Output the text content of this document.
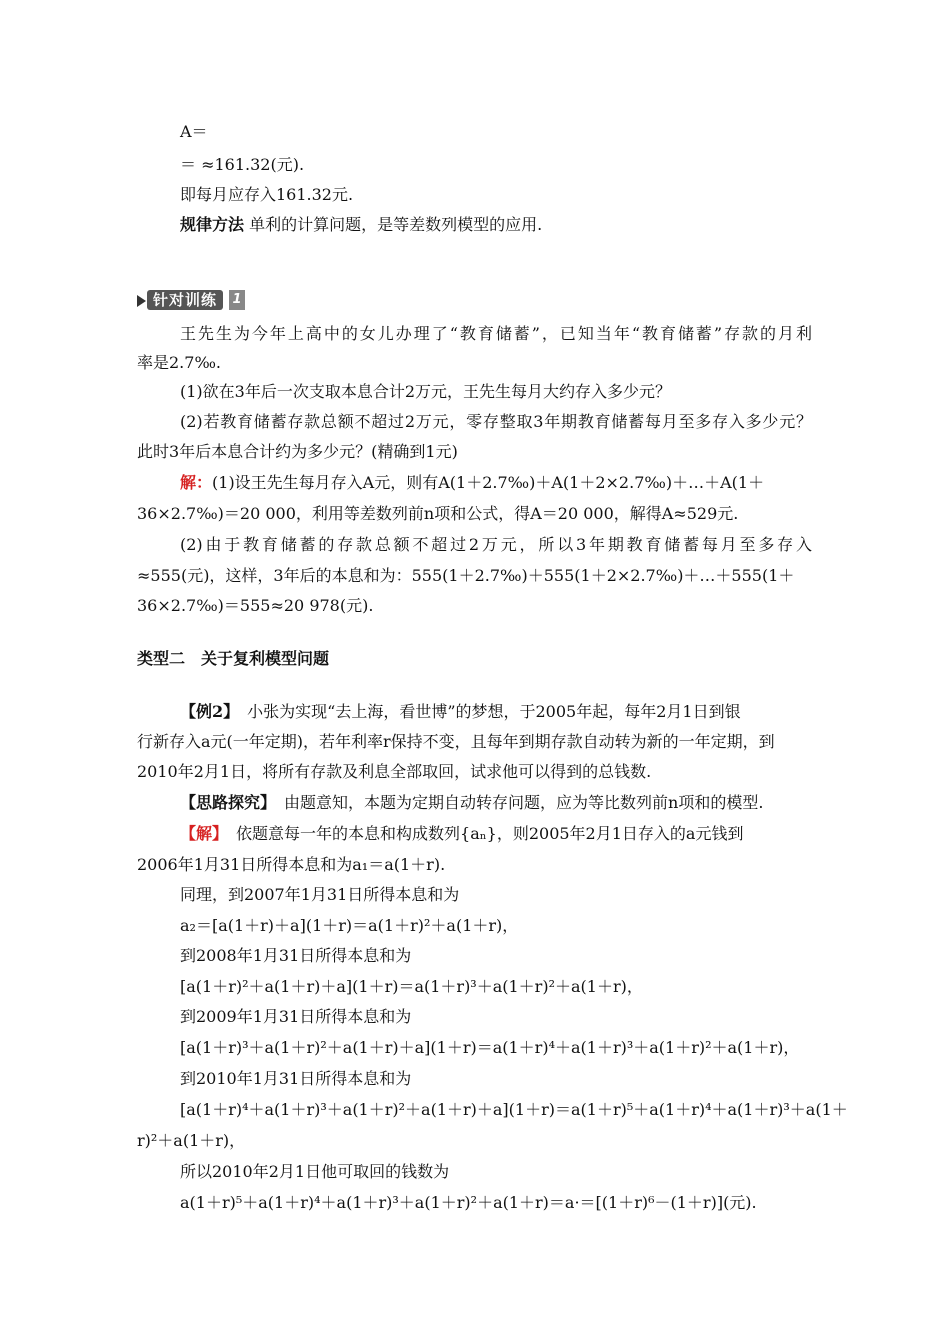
A＝
＝ ≈161.32(元).
即每月应存入161.32元.
规律方法 单利的计算问题，是等差数列模型的应用.
针对训练	1
王先生为今年上高中的女儿办理了“教育储蓄”，已知当年“教育储蓄”存款的月利
率是2.7‰.
(1)欲在3年后一次支取本息合计2万元，王先生每月大约存入多少元？
(2)若教育储蓄存款总额不超过2万元，零存整取3年期教育储蓄每月至多存入多少元？
此时3年后本息合计约为多少元？(精确到1元)
解：(1)设王先生每月存入A元，则有A(1＋2.7‰)＋A(1＋2×2.7‰)＋…＋A(1＋
36×2.7‰)＝20 000，利用等差数列前n项和公式，得A＝20 000，解得A≈529元.
(2)由于教育储蓄的存款总额不超过2万元，所以3年期教育储蓄每月至多存入
≈555(元)，这样，3年后的本息和为：555(1＋2.7‰)＋555(1＋2×2.7‰)＋…＋555(1＋
36×2.7‰)＝555≈20 978(元).
类型二　关于复利模型问题
【例2】　小张为实现“去上海，看世博”的梦想，于2005年起，每年2月1日到银
行新存入a元(一年定期)，若年利率r保持不变，且每年到期存款自动转为新的一年定期，到
2010年2月1日，将所有存款及利息全部取回，试求他可以得到的总钱数.
【思路探究】　由题意知，本题为定期自动转存问题，应为等比数列前n项和的模型.
【解】　依题意每一年的本息和构成数列{aₙ}，则2005年2月1日存入的a元钱到
2006年1月31日所得本息和为a₁＝a(1＋r).
同理，到2007年1月31日所得本息和为
a₂＝[a(1＋r)＋a](1＋r)＝a(1＋r)²＋a(1＋r)，
到2008年1月31日所得本息和为
[a(1＋r)²＋a(1＋r)＋a](1＋r)＝a(1＋r)³＋a(1＋r)²＋a(1＋r)，
到2009年1月31日所得本息和为
[a(1＋r)³＋a(1＋r)²＋a(1＋r)＋a](1＋r)＝a(1＋r)⁴＋a(1＋r)³＋a(1＋r)²＋a(1＋r)，
到2010年1月31日所得本息和为
[a(1＋r)⁴＋a(1＋r)³＋a(1＋r)²＋a(1＋r)＋a](1＋r)＝a(1＋r)⁵＋a(1＋r)⁴＋a(1＋r)³＋a(1＋
r)²＋a(1＋r)，
所以2010年2月1日他可取回的钱数为
a(1＋r)⁵＋a(1＋r)⁴＋a(1＋r)³＋a(1＋r)²＋a(1＋r)＝a·＝[(1＋r)⁶－(1＋r)](元).
